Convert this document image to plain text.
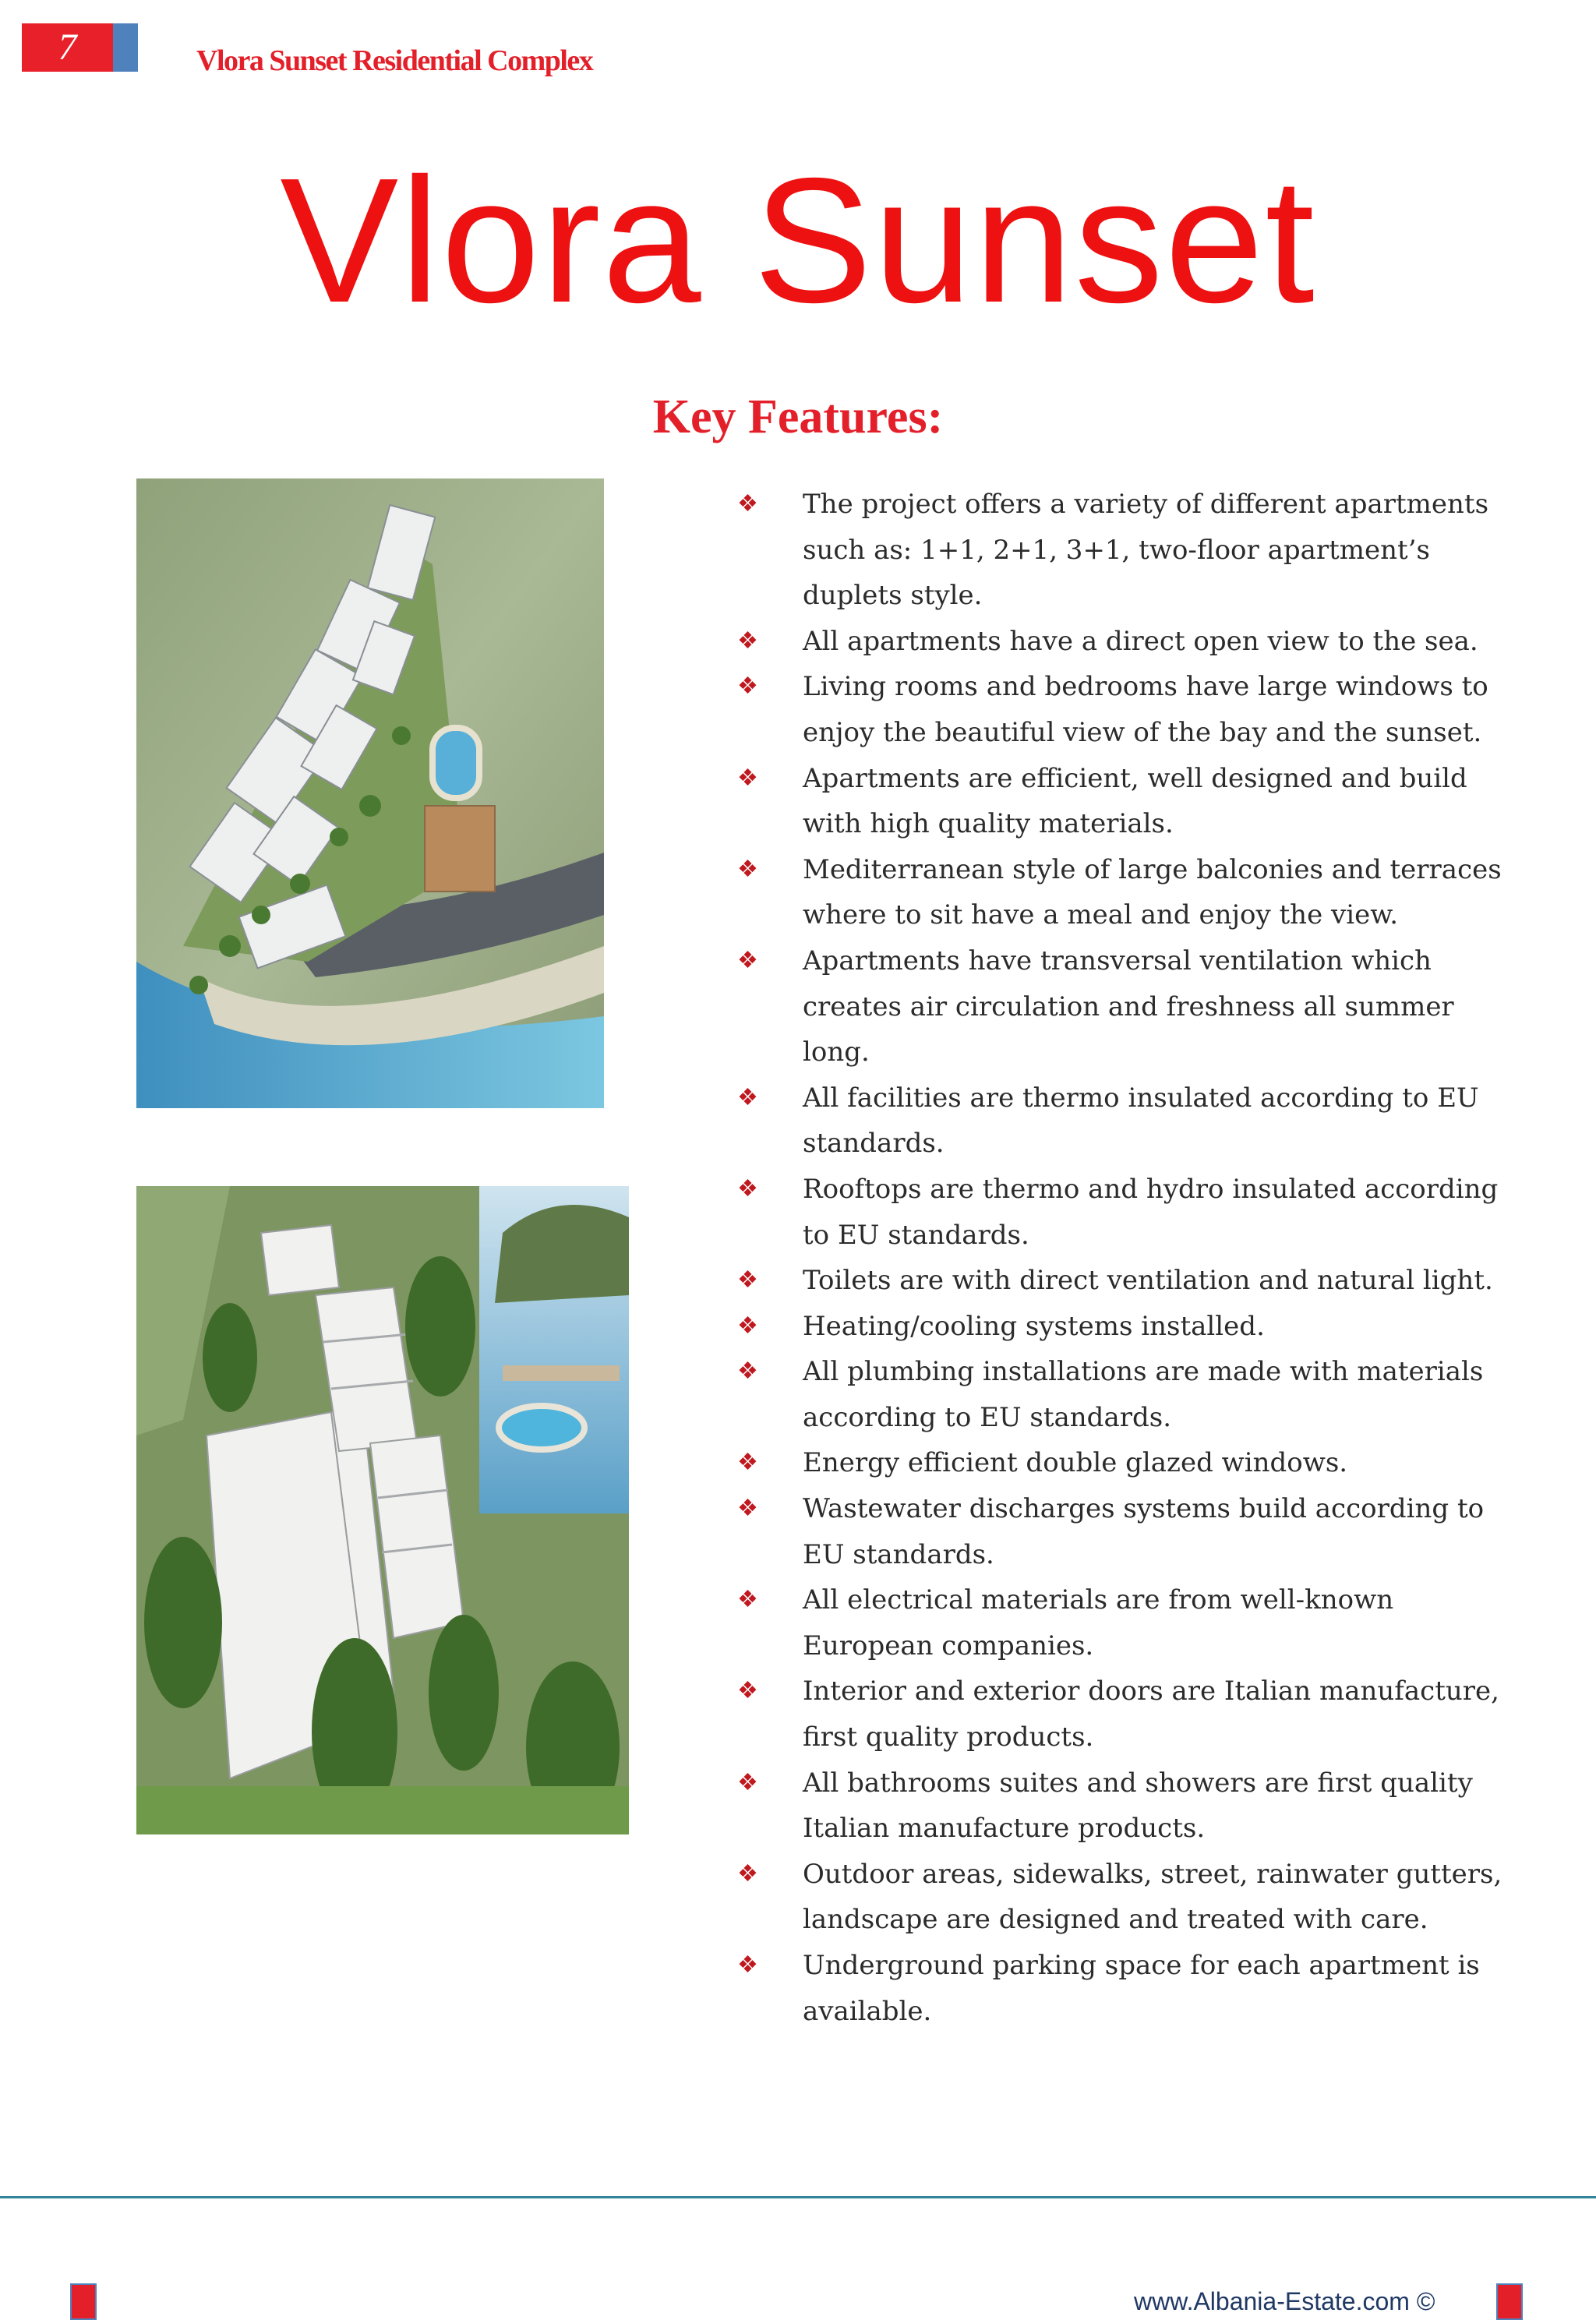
7	Vlora Sunset Residential Complex
Vlora Sunset
Key Features:
❖ The project offers a variety of different apartments such as: 1+1, 2+1, 3+1, two-floor apartment’s duplets style.
❖ All apartments have a direct open view to the sea.
❖ Living rooms and bedrooms have large windows to enjoy the beautiful view of the bay and the sunset.
❖ Apartments are efficient, well designed and build with high quality materials.
❖ Mediterranean style of large balconies and terraces where to sit have a meal and enjoy the view.
❖ Apartments have transversal ventilation which creates air circulation and freshness all summer long.
❖ All facilities are thermo insulated according to EU standards.
❖ Rooftops are thermo and hydro insulated according to EU standards.
❖ Toilets are with direct ventilation and natural light.
❖ Heating/cooling systems installed.
❖ All plumbing installations are made with materials according to EU standards.
❖ Energy efficient double glazed windows.
❖ Wastewater discharges systems build according to EU standards.
❖ All electrical materials are from well-known European companies.
❖ Interior and exterior doors are Italian manufacture, first quality products.
❖ All bathrooms suites and showers are first quality Italian manufacture products.
❖ Outdoor areas, sidewalks, street, rainwater gutters, landscape are designed and treated with care.
❖ Underground parking space for each apartment is available.
www.Albania-Estate.com ©
